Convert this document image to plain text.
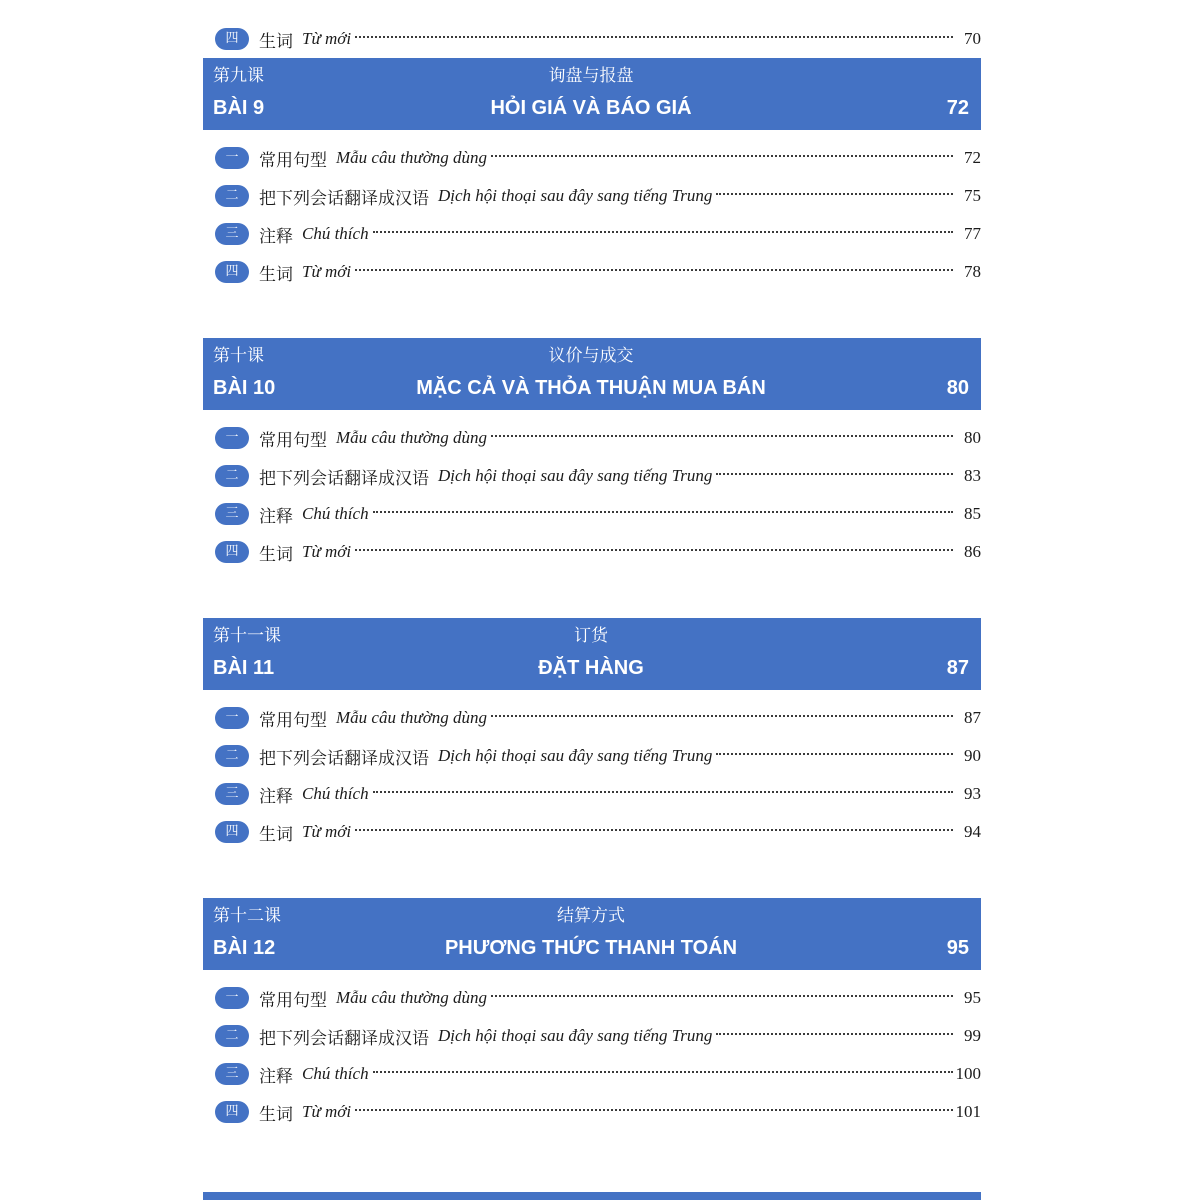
四	生词 Từ mới	70
第九课	询盘与报盘
BÀI 9	HỎI GIÁ VÀ BÁO GIÁ	72
一	常用句型 Mẫu câu thường dùng	72
二	把下列会话翻译成汉语 Dịch hội thoại sau đây sang tiếng Trung	75
三	注释 Chú thích	77
四	生词 Từ mới	78
第十课	议价与成交
BÀI 10	MẶC CẢ VÀ THỎA THUẬN MUA BÁN	80
一	常用句型 Mẫu câu thường dùng	80
二	把下列会话翻译成汉语 Dịch hội thoại sau đây sang tiếng Trung	83
三	注释 Chú thích	85
四	生词 Từ mới	86
第十一课	订货
BÀI 11	ĐẶT HÀNG	87
一	常用句型 Mẫu câu thường dùng	87
二	把下列会话翻译成汉语 Dịch hội thoại sau đây sang tiếng Trung	90
三	注释 Chú thích	93
四	生词 Từ mới	94
第十二课	结算方式
BÀI 12	PHƯƠNG THỨC THANH TOÁN	95
一	常用句型 Mẫu câu thường dùng	95
二	把下列会话翻译成汉语 Dịch hội thoại sau đây sang tiếng Trung	99
三	注释 Chú thích	100
四	生词 Từ mới	101
